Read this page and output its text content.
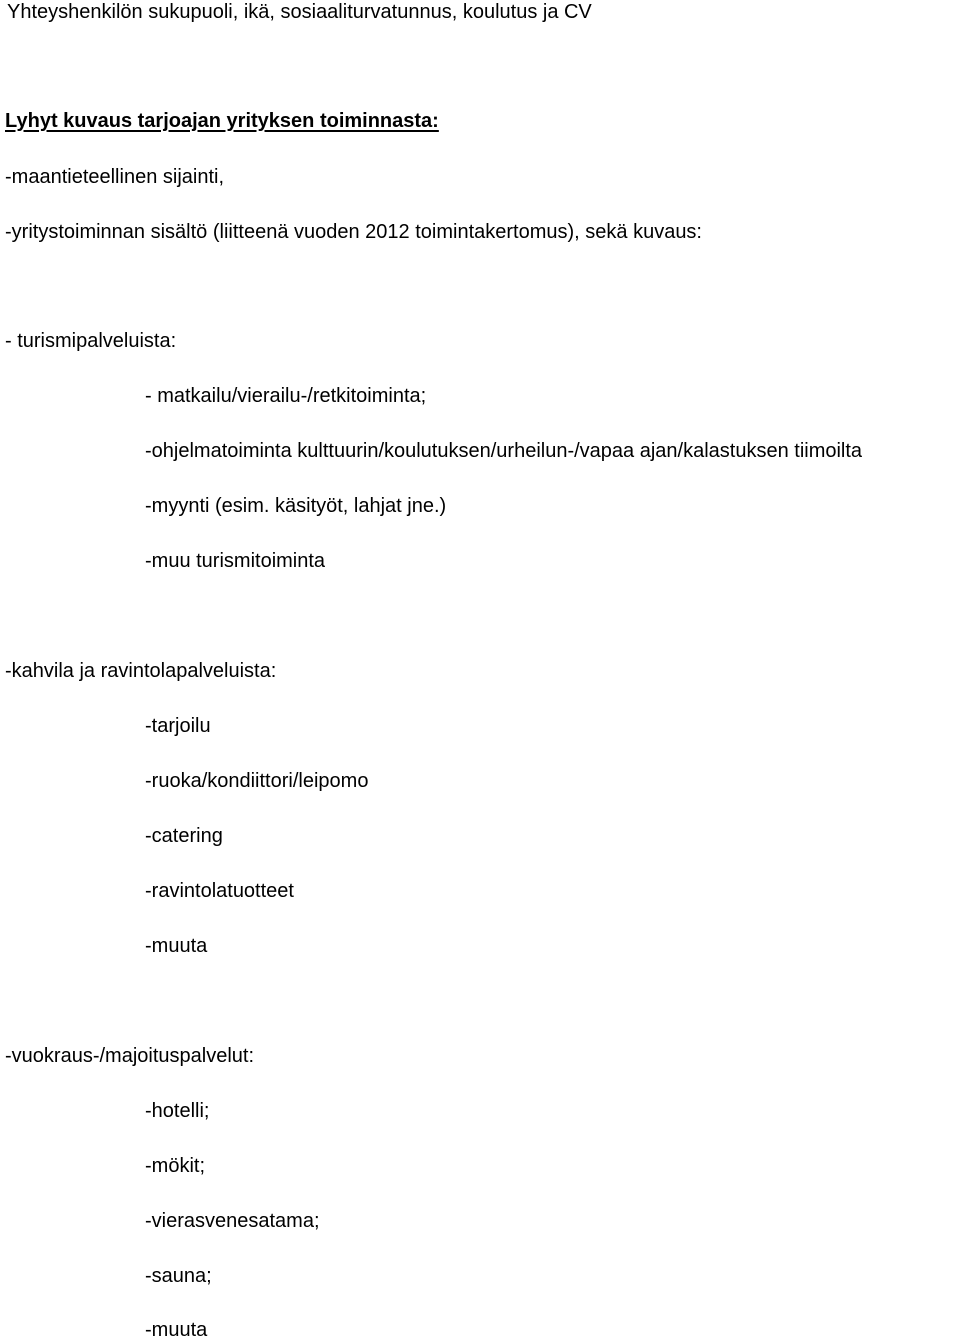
Yhteyshenkilön sukupuoli, ikä, sosiaaliturvatunnus, koulutus ja CV
Lyhyt kuvaus tarjoajan yrityksen toiminnasta:
-maantieteellinen sijainti,
-yritystoiminnan sisältö (liitteenä vuoden 2012 toimintakertomus), sekä kuvaus:
- turismipalveluista:
- matkailu/vierailu-/retkitoiminta;
-ohjelmatoiminta kulttuurin/koulutuksen/urheilun-/vapaa ajan/kalastuksen tiimoilta
-myynti (esim. käsityöt, lahjat jne.)
-muu turismitoiminta
-kahvila ja ravintolapalveluista:
-tarjoilu
-ruoka/kondiittori/leipomo
-catering
-ravintolatuotteet
-muuta
-vuokraus-/majoituspalvelut:
-hotelli;
-mökit;
-vierasvenesatama;
-sauna;
-muuta
